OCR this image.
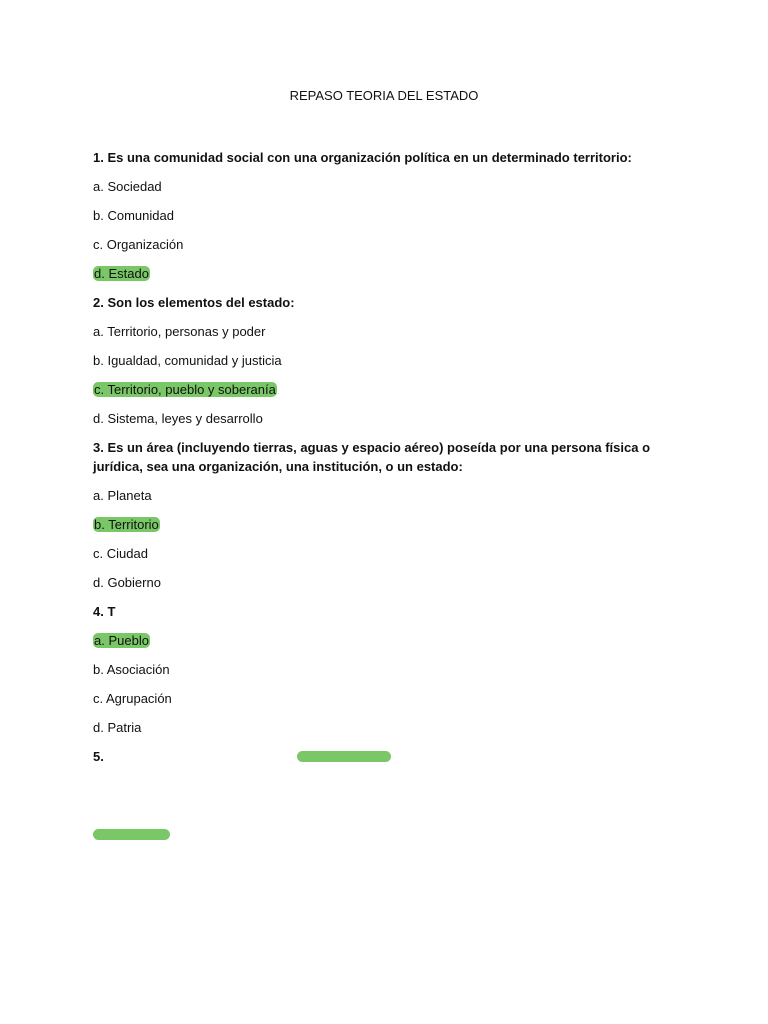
REPASO TEORIA DEL ESTADO

1. Es una comunidad social con una organización política en un determinado territorio:

a. Sociedad

b. Comunidad

c. Organización

d. Estado

2. Son los elementos del estado:

a. Territorio, personas y poder

b. Igualdad, comunidad y justicia

c. Territorio, pueblo y soberanía

d. Sistema, leyes y desarrollo

3. Es un área (incluyendo tierras, aguas y espacio aéreo) poseída por una persona física o jurídica, sea una organización, una institución, o un estado:

a. Planeta

b. Territorio

c. Ciudad

d. Gobierno

4. T

a. Pueblo

b. Asociación

c. Agrupación

d. Patria

5.
